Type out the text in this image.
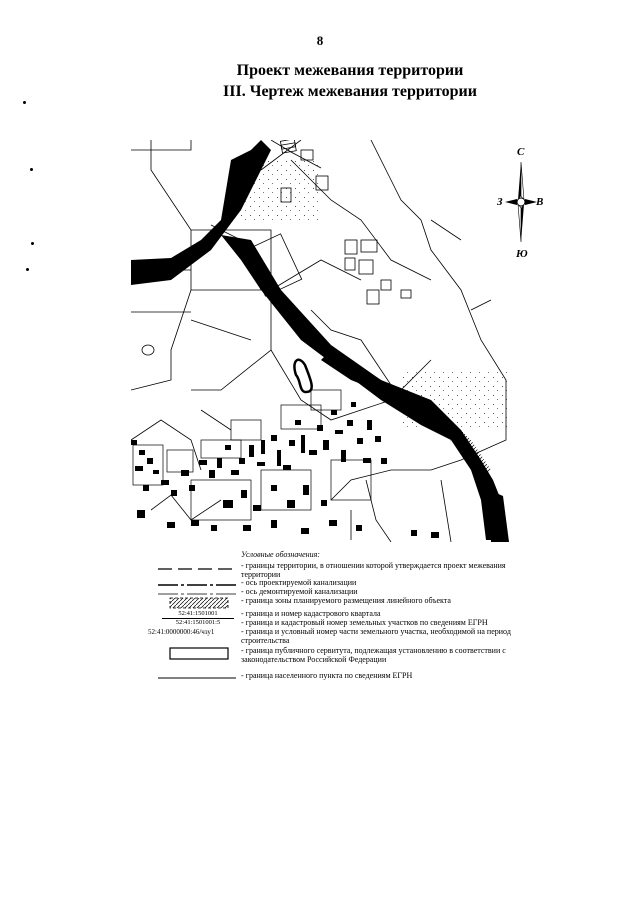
8
Проект межевания территории
III. Чертеж межевания территории
С
Ю
З	В
Условные обозначения:
- границы территории, в отношении которой утверждается проект межевания территории
- ось проектируемой канализации
- ось демонтируемой канализации
- граница зоны планируемого размещения линейного объекта
52:41:1501001	- граница и номер кадастрового квартала
52:41:1501001:5	- граница и кадастровый номер земельных участков по сведениям ЕГРН
52:41:0000000:46/чзу1	- граница и условный номер части земельного участка, необходимой на период строительства
- граница публичного сервитута, подлежащая установлению в соответствии с законодательством Российской Федерации
- граница населенного пункта по сведениям ЕГРН
